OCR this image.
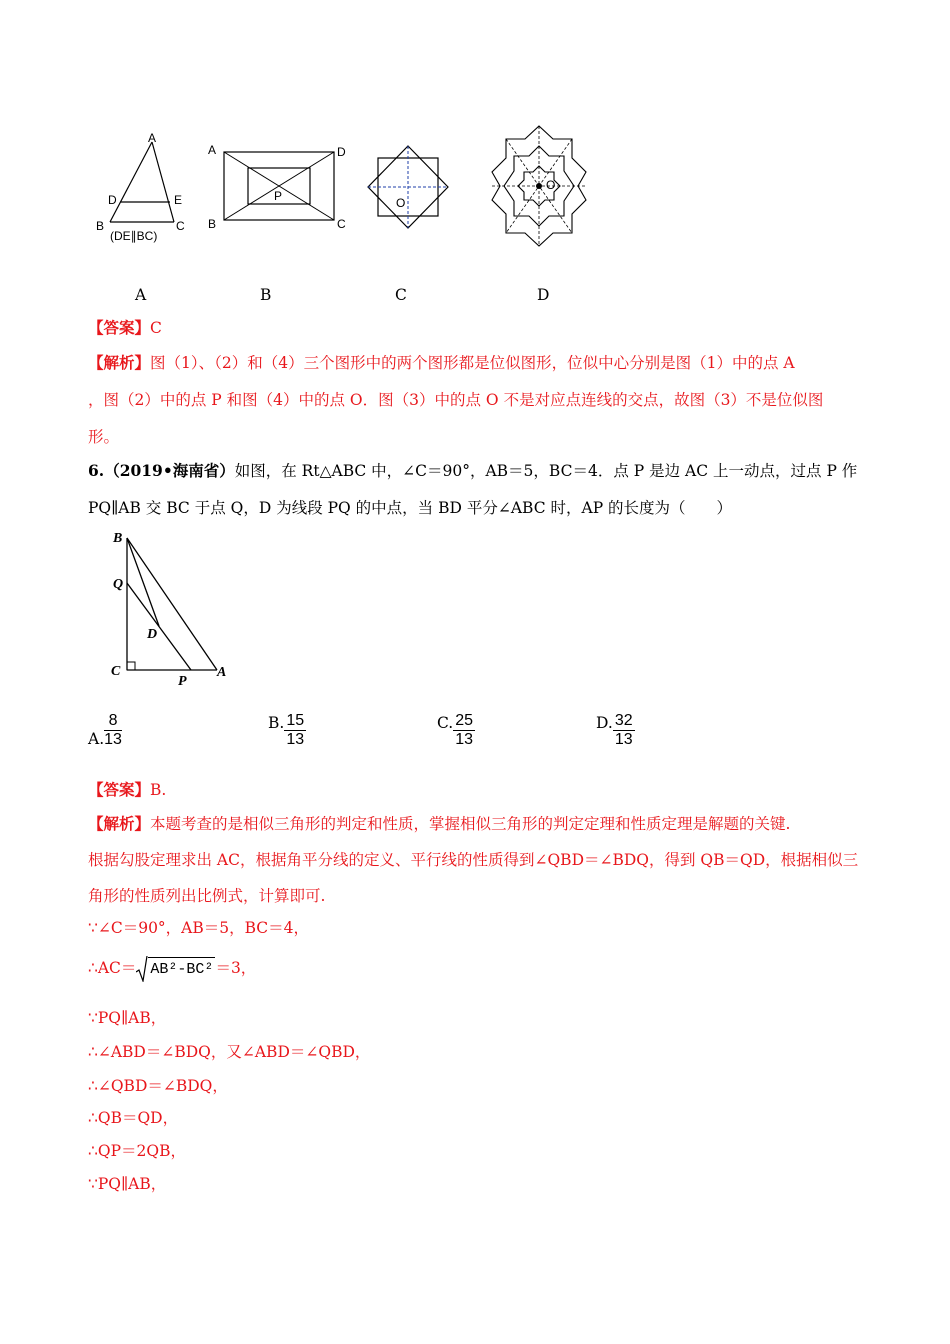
A
D	E
B	C
(DE∥BC)
A	D
B	C
P	O
O
A	B	C	D
【答案】C
【解析】图（1）、（2）和（4）三个图形中的两个图形都是位似图形，位似中心分别是图（1）中的点 A
，图（2）中的点 P 和图（4）中的点 O．图（3）中的点 O 不是对应点连线的交点，故图（3）不是位似图
形。
6.（2019•海南省）如图，在 Rt△ABC 中，∠C＝90°，AB＝5，BC＝4．点 P 是边 AC 上一动点，过点 P 作
PQ∥AB 交 BC 于点 Q，D 为线段 PQ 的中点，当 BD 平分∠ABC 时，AP 的长度为（　　）
B
Q
D
C
P
A
A. $\frac{8}{13}$	B. $\frac{15}{13}$	C. $\frac{25}{13}$	D. $\frac{32}{13}$
【答案】B.
【解析】本题考查的是相似三角形的判定和性质，掌握相似三角形的判定定理和性质定理是解题的关键.
根据勾股定理求出 AC，根据角平分线的定义、平行线的性质得到∠QBD＝∠BDQ，得到 QB＝QD，根据相似三
角形的性质列出比例式，计算即可.
∵∠C＝90°，AB＝5，BC＝4，
∴AC＝ AB²-BC² ＝3，
∵PQ∥AB，
∴∠ABD＝∠BDQ，又∠ABD＝∠QBD，
∴∠QBD＝∠BDQ，
∴QB＝QD，
∴QP＝2QB，
∵PQ∥AB，
